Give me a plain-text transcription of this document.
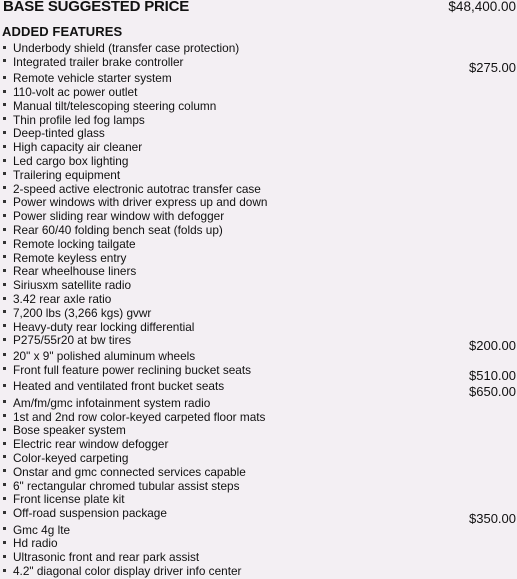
BASE SUGGESTED PRICE	$48,400.00
ADDED FEATURES
Underbody shield (transfer case protection)
Integrated trailer brake controller	$275.00
Remote vehicle starter system
110-volt ac power outlet
Manual tilt/telescoping steering column
Thin profile led fog lamps
Deep-tinted glass
High capacity air cleaner
Led cargo box lighting
Trailering equipment
2-speed active electronic autotrac transfer case
Power windows with driver express up and down
Power sliding rear window with defogger
Rear 60/40 folding bench seat (folds up)
Remote locking tailgate
Remote keyless entry
Rear wheelhouse liners
Siriusxm satellite radio
3.42 rear axle ratio
7,200 lbs (3,266 kgs) gvwr
Heavy-duty rear locking differential
P275/55r20 at bw tires	$200.00
20" x 9" polished aluminum wheels
Front full feature power reclining bucket seats	$510.00
Heated and ventilated front bucket seats	$650.00
Am/fm/gmc infotainment system radio
1st and 2nd row color-keyed carpeted floor mats
Bose speaker system
Electric rear window defogger
Color-keyed carpeting
Onstar and gmc connected services capable
6" rectangular chromed tubular assist steps
Front license plate kit
Off-road suspension package	$350.00
Gmc 4g lte
Hd radio
Ultrasonic front and rear park assist
4.2" diagonal color display driver info center
